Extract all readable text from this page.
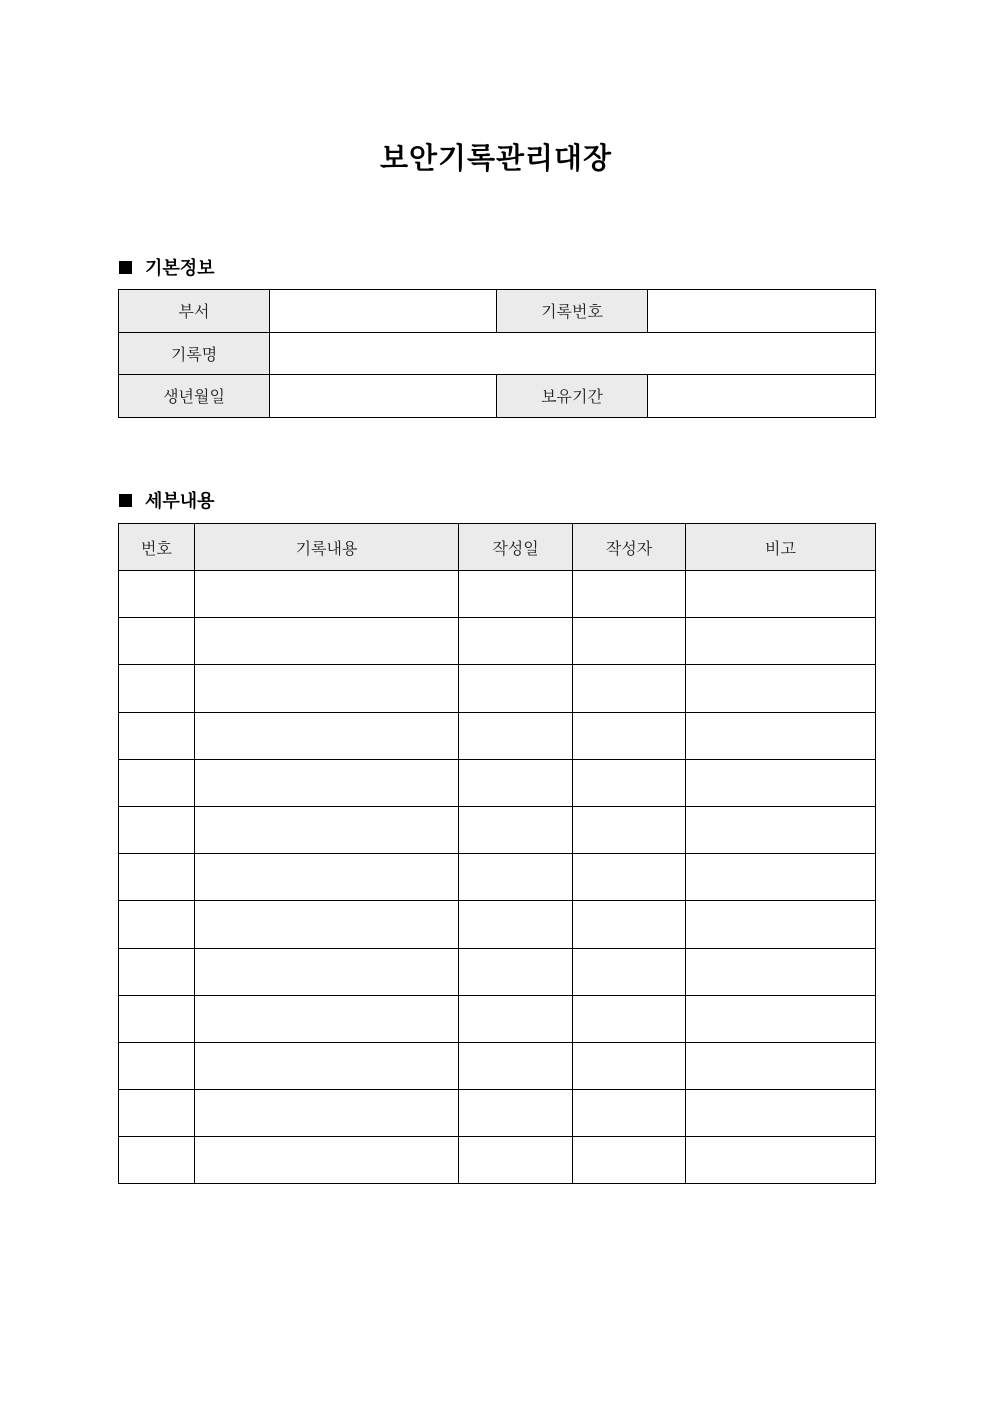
보안기록관리대장
기본정보
부서		기록번호	
기록명			
생년월일		보유기간	
세부내용
번호	기록내용	작성일	작성자	비고
